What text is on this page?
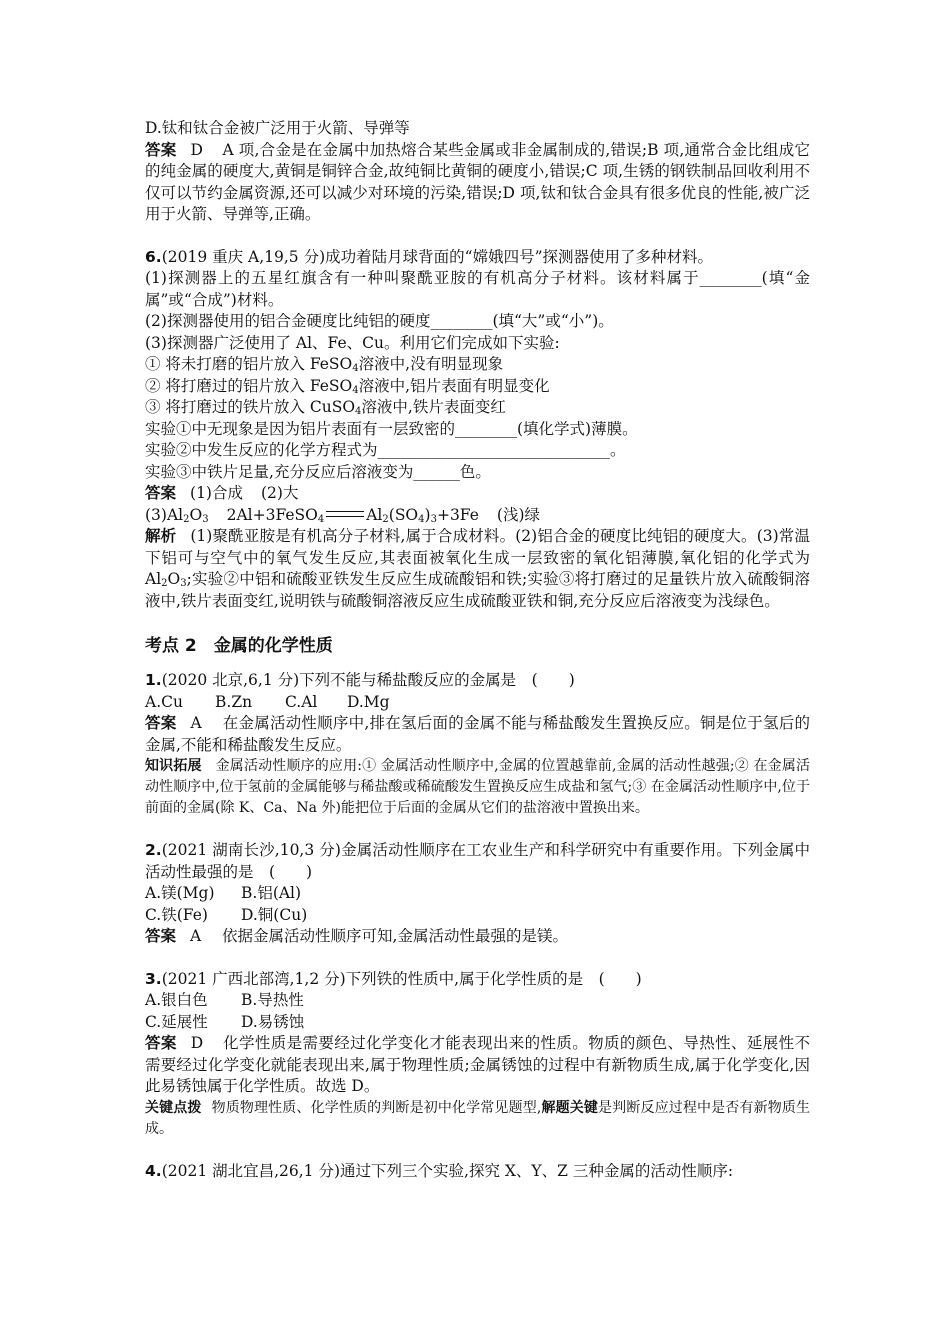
D.钛和钛合金被广泛用于火箭、导弹等
答案 D A 项,合金是在金属中加热熔合某些金属或非金属制成的,错误;B 项,通常合金比组成它的纯金属的硬度大,黄铜是铜锌合金,故纯铜比黄铜的硬度小,错误;C 项,生锈的钢铁制品回收利用不仅可以节约金属资源,还可以减少对环境的污染,错误;D 项,钛和钛合金具有很多优良的性能,被广泛用于火箭、导弹等,正确。
6.(2019 重庆 A,19,5 分)成功着陆月球背面的“嫦娥四号”探测器使用了多种材料。
(1)探测器上的五星红旗含有一种叫聚酰亚胺的有机高分子材料。该材料属于________(填“金属”或“合成”)材料。
(2)探测器使用的铝合金硬度比纯铝的硬度________(填“大”或“小”)。
(3)探测器广泛使用了 Al、Fe、Cu。利用它们完成如下实验:
① 将未打磨的铝片放入 FeSO$_4$溶液中,没有明显现象
② 将打磨过的铝片放入 FeSO$_4$溶液中,铝片表面有明显变化
③ 将打磨过的铁片放入 CuSO$_4$溶液中,铁片表面变红
实验①中无现象是因为铝片表面有一层致密的________(填化学式)薄膜。
实验②中发生反应的化学方程式为______________________________。
实验③中铁片足量,充分反应后溶液变为______色。
答案 (1)合成 (2)大
$(3)Al_2O_3$ 2Al+3FeSO$_4$	$Al_2(SO_4)_3+3Fe$ (浅)绿
解析 (1)聚酰亚胺是有机高分子材料,属于合成材料。(2)铝合金的硬度比纯铝的硬度大。(3)常温下铝可与空气中的氧气发生反应,其表面被氧化生成一层致密的氧化铝薄膜,氧化铝的化学式为 $Al_2O_3$;实验②中铝和硫酸亚铁发生反应生成硫酸铝和铁;实验③将打磨过的足量铁片放入硫酸铜溶液中,铁片表面变红,说明铁与硫酸铜溶液反应生成硫酸亚铁和铜,充分反应后溶液变为浅绿色。
考点 2　金属的化学性质
1.(2020 北京,6,1 分)下列不能与稀盐酸反应的金属是　(　　)
A.Cu B.Zn C.Al D.Mg
答案 A 在金属活动性顺序中,排在氢后面的金属不能与稀盐酸发生置换反应。铜是位于氢后的金属,不能和稀盐酸发生反应。
知识拓展 金属活动性顺序的应用:① 金属活动性顺序中,金属的位置越靠前,金属的活动性越强;② 在金属活动性顺序中,位于氢前的金属能够与稀盐酸或稀硫酸发生置换反应生成盐和氢气;③ 在金属活动性顺序中,位于前面的金属(除 K、Ca、Na 外)能把位于后面的金属从它们的盐溶液中置换出来。
2.(2021 湖南长沙,10,3 分)金属活动性顺序在工农业生产和科学研究中有重要作用。下列金属中活动性最强的是　(　　)
A.镁(Mg) B.铝(Al)
C.铁(Fe) D.铜(Cu)
答案 A 依据金属活动性顺序可知,金属活动性最强的是镁。
3.(2021 广西北部湾,1,2 分)下列铁的性质中,属于化学性质的是　(　　)
A.银白色 B.导热性
C.延展性 D.易锈蚀
答案 D 化学性质是需要经过化学变化才能表现出来的性质。物质的颜色、导热性、延展性不需要经过化学变化就能表现出来,属于物理性质;金属锈蚀的过程中有新物质生成,属于化学变化,因此易锈蚀属于化学性质。故选 D。
关键点拨 物质物理性质、化学性质的判断是初中化学常见题型,解题关键是判断反应过程中是否有新物质生成。
4.(2021 湖北宜昌,26,1 分)通过下列三个实验,探究 X、Y、Z 三种金属的活动性顺序:
